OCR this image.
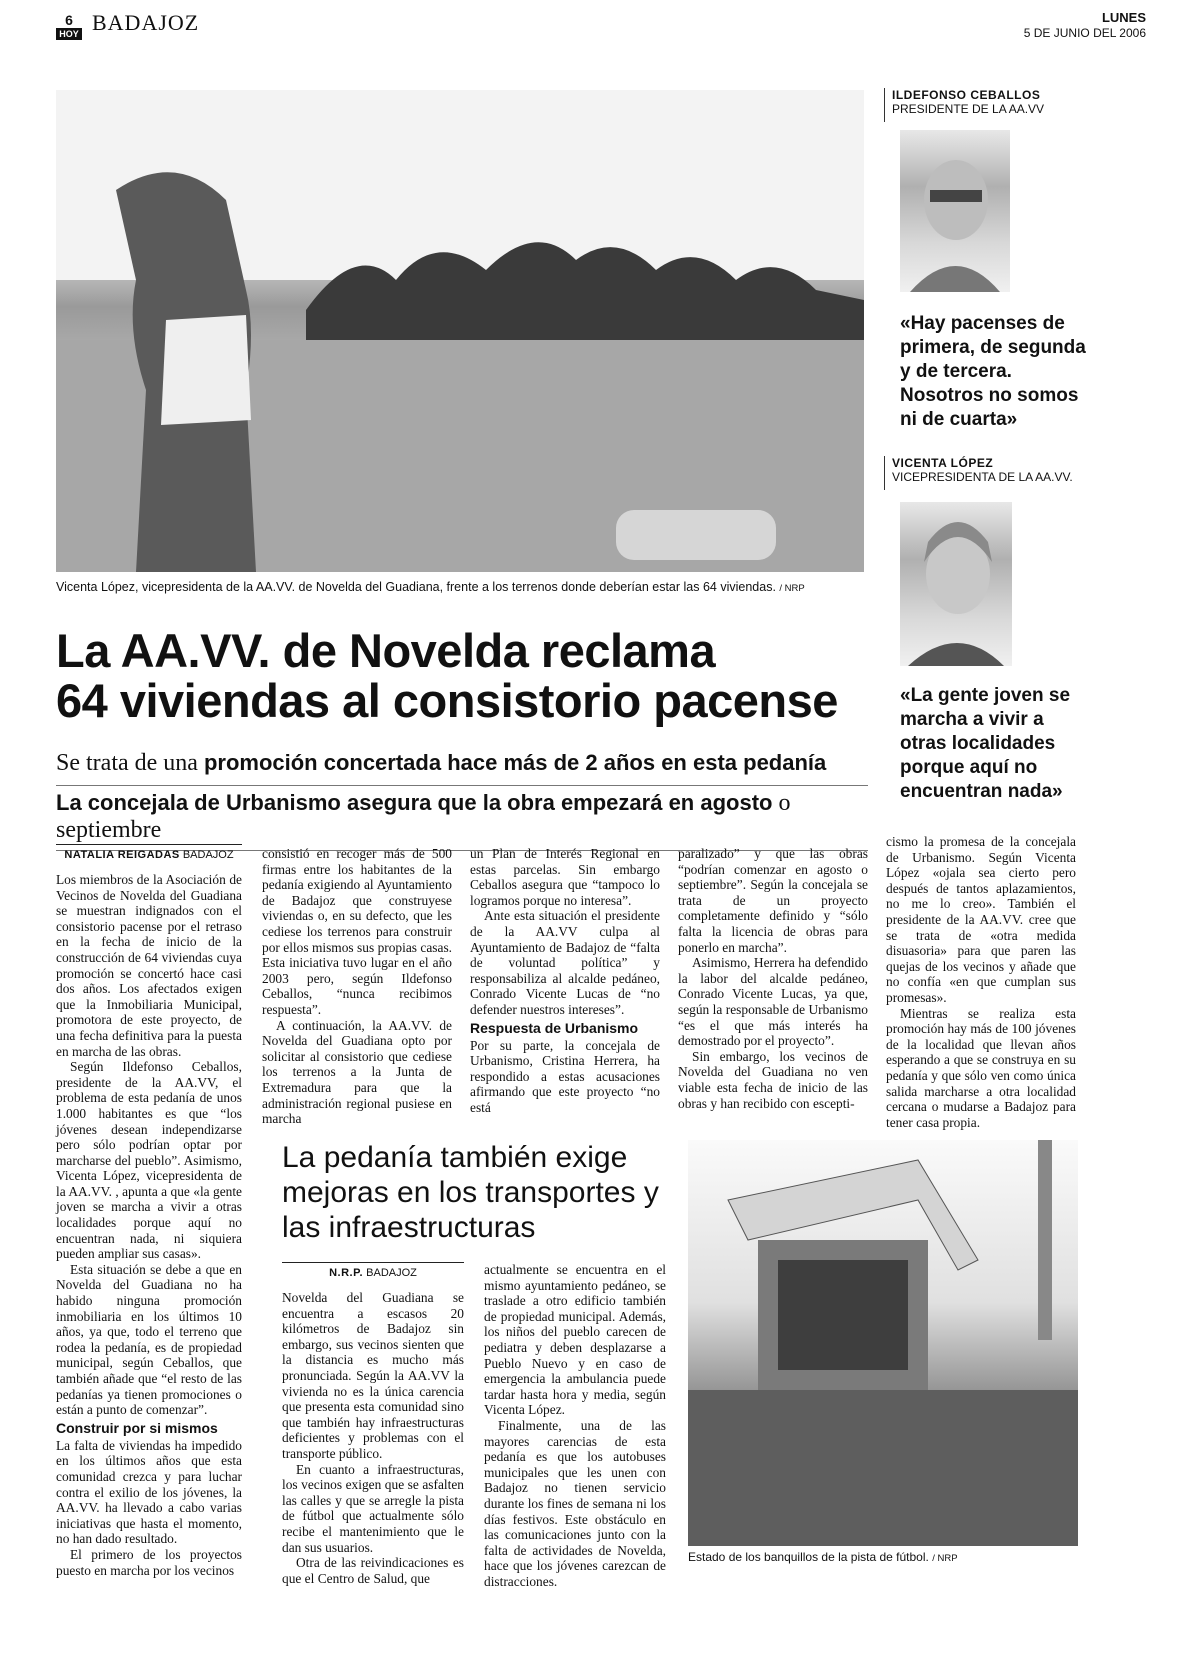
6
HOY BADAJOZ	LUNES
5 DE JUNIO DEL 2006
Vicenta López, vicepresidenta de la AA.VV. de Novelda del Guadiana, frente a los terrenos donde deberían estar las 64 viviendas. / NRP
La AA.VV. de Novelda reclama
64 viviendas al consistorio pacense
Se trata de una promoción concertada hace más de 2 años en esta pedanía
La concejala de Urbanismo asegura que la obra empezará en agosto o septiembre
ILDEFONSO CEBALLOS
PRESIDENTE DE LA AA.VV
«Hay pacenses de primera, de segunda y de tercera. Nosotros no somos ni de cuarta»
VICENTA LÓPEZ
VICEPRESIDENTA DE LA AA.VV.
«La gente joven se marcha a vivir a otras localidades porque aquí no encuentran nada»
NATALIA REIGADAS BADAJOZ

Los miembros de la Asociación de Vecinos de Novelda del Guadiana se muestran indignados con el consistorio pacense por el retraso en la fecha de inicio de la construcción de 64 viviendas cuya promoción se concertó hace casi dos años. Los afectados exigen que la Inmobiliaria Municipal, promotora de este proyecto, de una fecha definitiva para la puesta en marcha de las obras.

Según Ildefonso Ceballos, presidente de la AA.VV, el problema de esta pedanía de unos 1.000 habitantes es que “los jóvenes desean independizarse pero sólo podrían optar por marcharse del pueblo”. Asimismo, Vicenta López, vicepresidenta de la AA.VV. , apunta a que «la gente joven se marcha a vivir a otras localidades porque aquí no encuentran nada, ni siquiera pueden ampliar sus casas».

Esta situación se debe a que en Novelda del Guadiana no ha habido ninguna promoción inmobiliaria en los últimos 10 años, ya que, todo el terreno que rodea la pedanía, es de propiedad municipal, según Ceballos, que también añade que “el resto de las pedanías ya tienen promociones o están a punto de comenzar”.

Construir por si mismos

La falta de viviendas ha impedido en los últimos años que esta comunidad crezca y para luchar contra el exilio de los jóvenes, la AA.VV. ha llevado a cabo varias iniciativas que hasta el momento, no han dado resultado.

El primero de los proyectos puesto en marcha por los vecinos

consistió en recoger más de 500 firmas entre los habitantes de la pedanía exigiendo al Ayuntamiento de Badajoz que construyese viviendas o, en su defecto, que les cediese los terrenos para construir por ellos mismos sus propias casas. Esta iniciativa tuvo lugar en el año 2003 pero, según Ildefonso Ceballos, “nunca recibimos respuesta”.

A continuación, la AA.VV. de Novelda del Guadiana opto por solicitar al consistorio que cediese los terrenos a la Junta de Extremadura para que la administración regional pusiese en marcha

un Plan de Interés Regional en estas parcelas. Sin embargo Ceballos asegura que “tampoco lo logramos porque no interesa”.

Ante esta situación el presidente de la AA.VV culpa al Ayuntamiento de Badajoz de “falta de voluntad política” y responsabiliza al alcalde pedáneo, Conrado Vicente Lucas de “no defender nuestros intereses”.

Respuesta de Urbanismo

Por su parte, la concejala de Urbanismo, Cristina Herrera, ha respondido a estas acusaciones afirmando que este proyecto “no está

paralizado” y que las obras “podrían comenzar en agosto o septiembre”. Según la concejala se trata de un proyecto completamente definido y “sólo falta la licencia de obras para ponerlo en marcha”.

Asimismo, Herrera ha defendido la labor del alcalde pedáneo, Conrado Vicente Lucas, ya que, según la responsable de Urbanismo “es el que más interés ha demostrado por el proyecto”.

Sin embargo, los vecinos de Novelda del Guadiana no ven viable esta fecha de inicio de las obras y han recibido con escepti-

cismo la promesa de la concejala de Urbanismo. Según Vicenta López «ojala sea cierto pero después de tantos aplazamientos, no me lo creo». También el presidente de la AA.VV. cree que se trata de «otra medida disuasoria» para que paren las quejas de los vecinos y añade que no confía «en que cumplan sus promesas».

Mientras se realiza esta promoción hay más de 100 jóvenes de la localidad que llevan años esperando a que se construya en su pedanía y que sólo ven como única salida marcharse a otra localidad cercana o mudarse a Badajoz para tener casa propia.

La pedanía también exige mejoras en los transportes y las infraestructuras
N.R.P. BADAJOZ

Novelda del Guadiana se encuentra a escasos 20 kilómetros de Badajoz sin embargo, sus vecinos sienten que la distancia es mucho más pronunciada. Según la AA.VV la vivienda no es la única carencia que presenta esta comunidad sino que también hay infraestructuras deficientes y problemas con el transporte público.

En cuanto a infraestructuras, los vecinos exigen que se asfalten las calles y que se arregle la pista de fútbol que actualmente sólo recibe el mantenimiento que le dan sus usuarios.

Otra de las reivindicaciones es que el Centro de Salud, que

actualmente se encuentra en el mismo ayuntamiento pedáneo, se traslade a otro edificio también de propiedad municipal. Además, los niños del pueblo carecen de pediatra y deben desplazarse a Pueblo Nuevo y en caso de emergencia la ambulancia puede tardar hasta hora y media, según Vicenta López.

Finalmente, una de las mayores carencias de esta pedanía es que los autobuses municipales que les unen con Badajoz no tienen servicio durante los fines de semana ni los días festivos. Este obstáculo en las comunicaciones junto con la falta de actividades de Novelda, hace que los jóvenes carezcan de distracciones.

Estado de los banquillos de la pista de fútbol. / NRP
